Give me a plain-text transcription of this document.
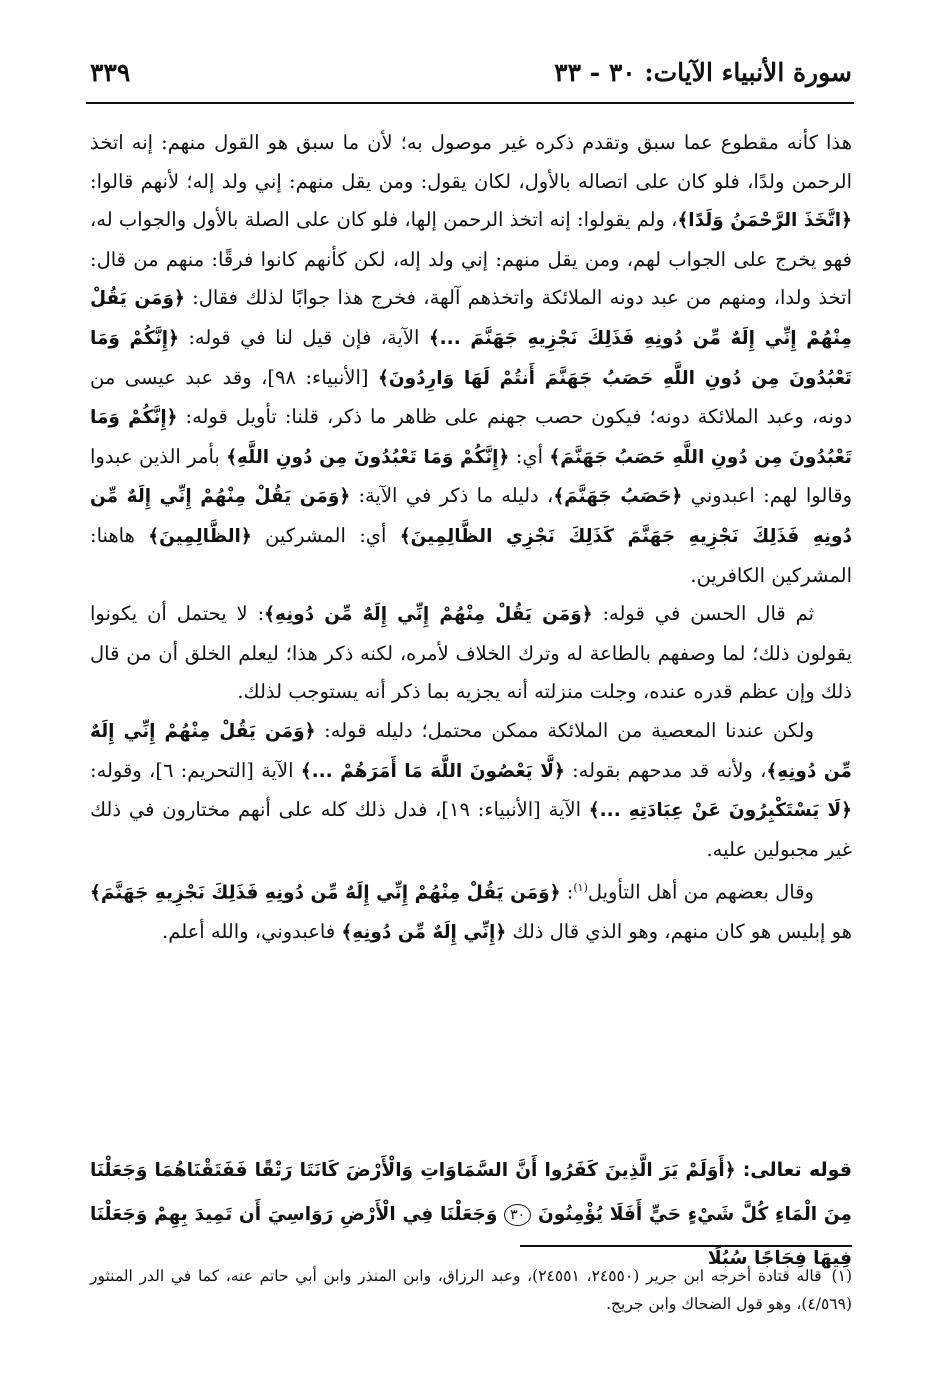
سورة الأنبياء الآيات: ٣٠ - ٣٣
٣٣٩

هذا كأنه مقطوع عما سبق وتقدم ذكره غير موصول به؛ لأن ما سبق هو القول منهم: إنه اتخذ الرحمن ولدًا، فلو كان على اتصاله بالأول، لكان يقول: ومن يقل منهم: إني ولد إله؛ لأنهم قالوا: ﴿اتَّخَذَ الرَّحْمَنُ وَلَدًا﴾، ولم يقولوا: إنه اتخذ الرحمن إلها، فلو كان على الصلة بالأول والجواب له، فهو يخرج على الجواب لهم، ومن يقل منهم: إني ولد إله، لكن كأنهم كانوا فرقًا: منهم من قال: اتخذ ولدا، ومنهم من عبد دونه الملائكة واتخذهم آلهة، فخرج هذا جوابًا لذلك فقال: ﴿وَمَن يَقُلْ مِنْهُمْ إِنِّي إِلَهٌ مِّن دُونِهِ فَذَلِكَ نَجْزِيهِ جَهَنَّمَ ...﴾ الآية، فإن قيل لنا في قوله: ﴿إِنَّكُمْ وَمَا تَعْبُدُونَ مِن دُونِ اللَّهِ حَصَبُ جَهَنَّمَ أَنتُمْ لَهَا وَارِدُونَ﴾ [الأنبياء: ٩٨]، وقد عبد عيسى من دونه، وعبد الملائكة دونه؛ فيكون حصب جهنم على ظاهر ما ذكر، قلنا: تأويل قوله: ﴿إِنَّكُمْ وَمَا تَعْبُدُونَ مِن دُونِ اللَّهِ حَصَبُ جَهَنَّمَ﴾ أي: ﴿إِنَّكُمْ وَمَا تَعْبُدُونَ مِن دُونِ اللَّهِ﴾ بأمر الذين عبدوا وقالوا لهم: اعبدوني ﴿حَصَبُ جَهَنَّمَ﴾، دليله ما ذكر في الآية: ﴿وَمَن يَقُلْ مِنْهُمْ إِنِّي إِلَهٌ مِّن دُونِهِ فَذَلِكَ نَجْزِيهِ جَهَنَّمَ كَذَلِكَ نَجْزِي الظَّالِمِينَ﴾ أي: المشركين ﴿الظَّالِمِينَ﴾ هاهنا: المشركين الكافرين.

ثم قال الحسن في قوله: ﴿وَمَن يَقُلْ مِنْهُمْ إِنِّي إِلَهٌ مِّن دُونِهِ﴾: لا يحتمل أن يكونوا يقولون ذلك؛ لما وصفهم بالطاعة له وترك الخلاف لأمره، لكنه ذكر هذا؛ ليعلم الخلق أن من قال ذلك وإن عظم قدره عنده، وجلت منزلته أنه يجزيه بما ذكر أنه يستوجب لذلك.

ولكن عندنا المعصية من الملائكة ممكن محتمل؛ دليله قوله: ﴿وَمَن يَقُلْ مِنْهُمْ إِنِّي إِلَهٌ مِّن دُونِهِ﴾، ولأنه قد مدحهم بقوله: ﴿لَّا يَعْصُونَ اللَّهَ مَا أَمَرَهُمْ ...﴾ الآية [التحريم: ٦]، وقوله: ﴿لَا يَسْتَكْبِرُونَ عَنْ عِبَادَتِهِ ...﴾ الآية [الأنبياء: ١٩]، فدل ذلك كله على أنهم مختارون في ذلك غير مجبولين عليه.

وقال بعضهم من أهل التأويل$^{(١)}$: ﴿وَمَن يَقُلْ مِنْهُمْ إِنِّي إِلَهٌ مِّن دُونِهِ فَذَلِكَ نَجْزِيهِ جَهَنَّمَ﴾ هو إبليس هو كان منهم، وهو الذي قال ذلك ﴿إِنِّي إِلَهٌ مِّن دُونِهِ﴾ فاعبدوني، والله أعلم.

قوله تعالى: ﴿أَوَلَمْ يَرَ الَّذِينَ كَفَرُوا أَنَّ السَّمَاوَاتِ وَالْأَرْضَ كَانَتَا رَتْقًا فَفَتَقْنَاهُمَا وَجَعَلْنَا مِنَ الْمَاءِ كُلَّ شَيْءٍ حَيٍّ أَفَلَا يُؤْمِنُونَ ٣٠ وَجَعَلْنَا فِي الْأَرْضِ رَوَاسِيَ أَن تَمِيدَ بِهِمْ وَجَعَلْنَا فِيهَا فِجَاجًا سُبُلًا

(١)قاله قتادة أخرجه ابن جرير (٢٤٥٥٠، ٢٤٥٥١)، وعبد الرزاق، وابن المنذر وابن أبي حاتم عنه، كما في الدر المنثور (٤/٥٦٩)، وهو قول الضحاك وابن جريج.
